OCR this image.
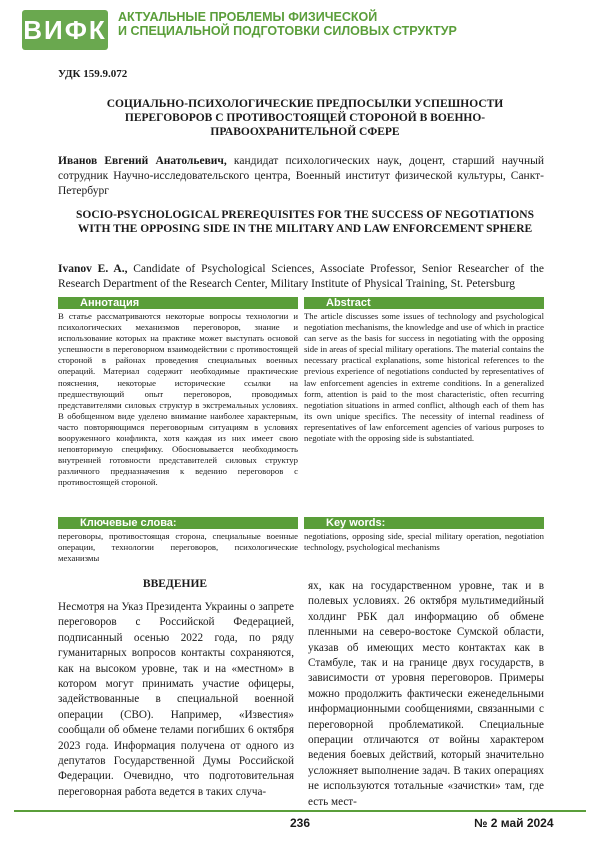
ВИФК АКТУАЛЬНЫЕ ПРОБЛЕМЫ ФИЗИЧЕСКОЙ
И СПЕЦИАЛЬНОЙ ПОДГОТОВКИ СИЛОВЫХ СТРУКТУР
УДК 159.9.072
СОЦИАЛЬНО-ПСИХОЛОГИЧЕСКИЕ ПРЕДПОСЫЛКИ УСПЕШНОСТИ ПЕРЕГОВОРОВ С ПРОТИВОСТОЯЩЕЙ СТОРОНОЙ В ВОЕННО-ПРАВООХРАНИТЕЛЬНОЙ СФЕРЕ
Иванов Евгений Анатольевич, кандидат психологических наук, доцент, старший научный сотрудник Научно-исследовательского центра, Военный институт физической культуры, Санкт-Петербург
SOCIO-PSYCHOLOGICAL PREREQUISITES FOR THE SUCCESS OF NEGOTIATIONS WITH THE OPPOSING SIDE IN THE MILITARY AND LAW ENFORCEMENT SPHERE
Ivanov E. A., Candidate of Psychological Sciences, Associate Professor, Senior Researcher of the Research Department of the Research Center, Military Institute of Physical Training, St. Petersburg
Аннотация
В статье рассматриваются некоторые вопросы технологии и психологических механизмов переговоров, знание и использование которых на практике может выступать основой успешности в переговорном взаимодействии с противостоящей стороной в районах проведения специальных военных операций. Материал содержит необходимые практические пояснения, некоторые исторические ссылки на предшествующий опыт переговоров, проводимых представителями силовых структур в экстремальных условиях. В обобщенном виде уделено внимание наиболее характерным, часто повторяющимся переговорным ситуациям в условиях вооруженного конфликта, хотя каждая из них имеет свою неповторимую специфику. Обосновывается необходимость внутренней готовности представителей силовых структур различного предназначения к ведению переговоров с противостоящей стороной.
Abstract
The article discusses some issues of technology and psychological negotiation mechanisms, the knowledge and use of which in practice can serve as the basis for success in negotiating with the opposing side in areas of special military operations. The material contains the necessary practical explanations, some historical references to the previous experience of negotiations conducted by representatives of law enforcement agencies in extreme conditions. In a generalized form, attention is paid to the most characteristic, often recurring negotiation situations in armed conflict, although each of them has its own unique specifics. The necessity of internal readiness of representatives of law enforcement agencies of various purposes to negotiate with the opposing side is substantiated.
Ключевые слова:
переговоры, противостоящая сторона, специальные военные операции, технологии переговоров, психологические механизмы
Key words:
negotiations, opposing side, special military operation, negotiation technology, psychological mechanisms
ВВЕДЕНИЕ
Несмотря на Указ Президента Украины о запрете переговоров с Российской Федерацией, подписанный осенью 2022 года, по ряду гуманитарных вопросов контакты сохраняются, как на высоком уровне, так и на «местном» в котором могут принимать участие офицеры, задействованные в специальной военной операции (СВО). Например, «Известия» сообщали об обмене телами погибших 6 октября 2023 года. Информация получена от одного из депутатов Государственной Думы Российской Федерации. Очевидно, что подготовительная переговорная работа ведется в таких случа-
ях, как на государственном уровне, так и в полевых условиях. 26 октября мультимедийный холдинг РБК дал информацию об обмене пленными на северо-востоке Сумской области, указав об имеющих место контактах как в Стамбуле, так и на границе двух государств, в зависимости от уровня переговоров. Примеры можно продолжить фактически еженедельными информационными сообщениями, связанными с переговорной проблематикой. Специальные операции отличаются от войны характером ведения боевых действий, который значительно усложняет выполнение задач. В таких операциях не используются тотальные «зачистки» там, где есть мест-
236	№ 2 май 2024
